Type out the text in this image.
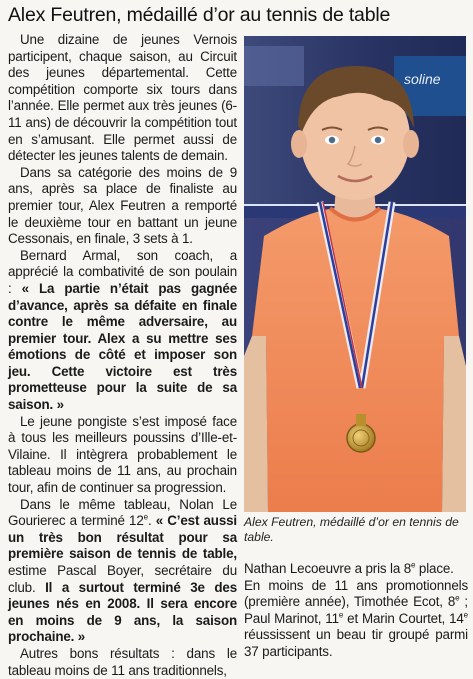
Alex Feutren, médaillé d’or au tennis de table

Une dizaine de jeunes Vernois participent, chaque saison, au Circuit des jeunes départemental. Cette compétition comporte six tours dans l’année. Elle permet aux très jeunes (6-11 ans) de découvrir la compétition tout en s’amusant. Elle permet aussi de détecter les jeunes talents de demain.

Dans sa catégorie des moins de 9 ans, après sa place de finaliste au premier tour, Alex Feutren a remporté le deuxième tour en battant un jeune Cessonais, en finale, 3 sets à 1.

Bernard Armal, son coach, a apprécié la combativité de son poulain : « La partie n’était pas gagnée d’avance, après sa défaite en finale contre le même adversaire, au premier tour. Alex a su mettre ses émotions de côté et imposer son jeu. Cette victoire est très prometteuse pour la suite de sa saison. »

Le jeune pongiste s’est imposé face à tous les meilleurs poussins d’Ille-et-Vilaine. Il intègrera probablement le tableau moins de 11 ans, au prochain tour, afin de continuer sa progression.

Dans le même tableau, Nolan Le Gourierec a terminé 12e. « C’est aussi un très bon résultat pour sa première saison de tennis de table, estime Pascal Boyer, secrétaire du club. Il a surtout terminé 3e des jeunes nés en 2008. Il sera encore en moins de 9 ans, la saison prochaine. »

Autres bons résultats : dans le tableau moins de 11 ans traditionnels,

soline
Alex Feutren, médaillé d’or en tennis de table.

Nathan Lecoeuvre a pris la 8e place.

En moins de 11 ans promotionnels (première année), Timothée Ecot, 8e ; Paul Marinot, 11e et Marin Courtet, 14e réussissent un beau tir groupé parmi 37 participants.
